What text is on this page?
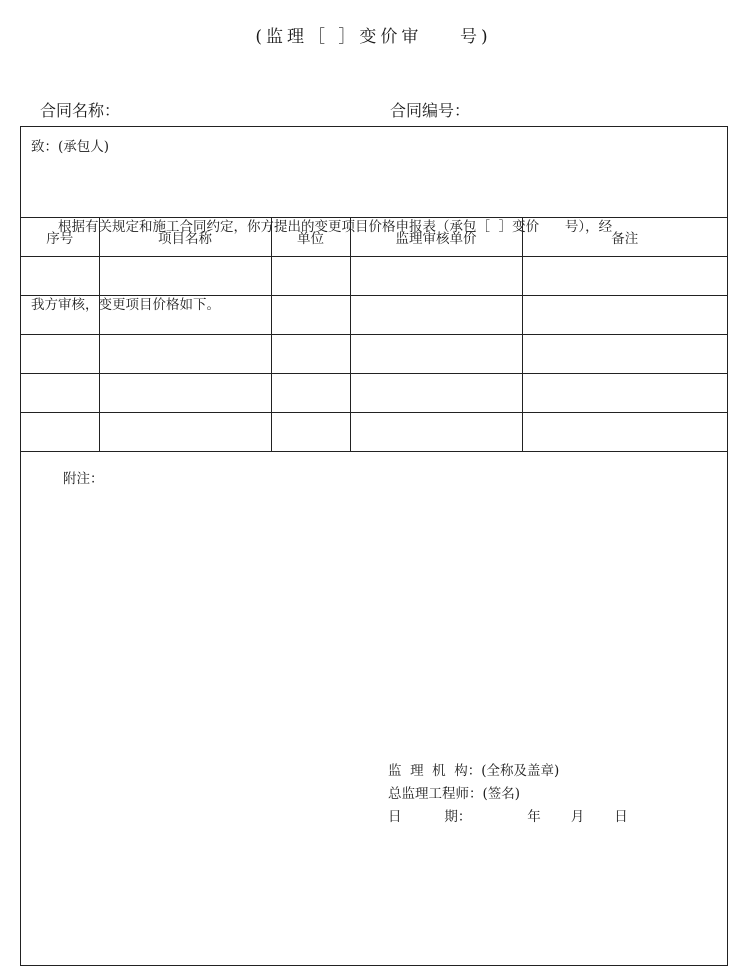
(监理［ ］变价审    号)
合同名称：	合同编号：
致：(承包人)

根据有关规定和施工合同约定，你方提出的变更项目价格申报表（承包［  ］变价      号），经

我方审核，变更项目价格如下。

序号	项目名称	单位	监理审核单价	备注

附注：
监  理  机  构：(全称及盖章)
总监理工程师：(签名)
日          期：             年       月       日
